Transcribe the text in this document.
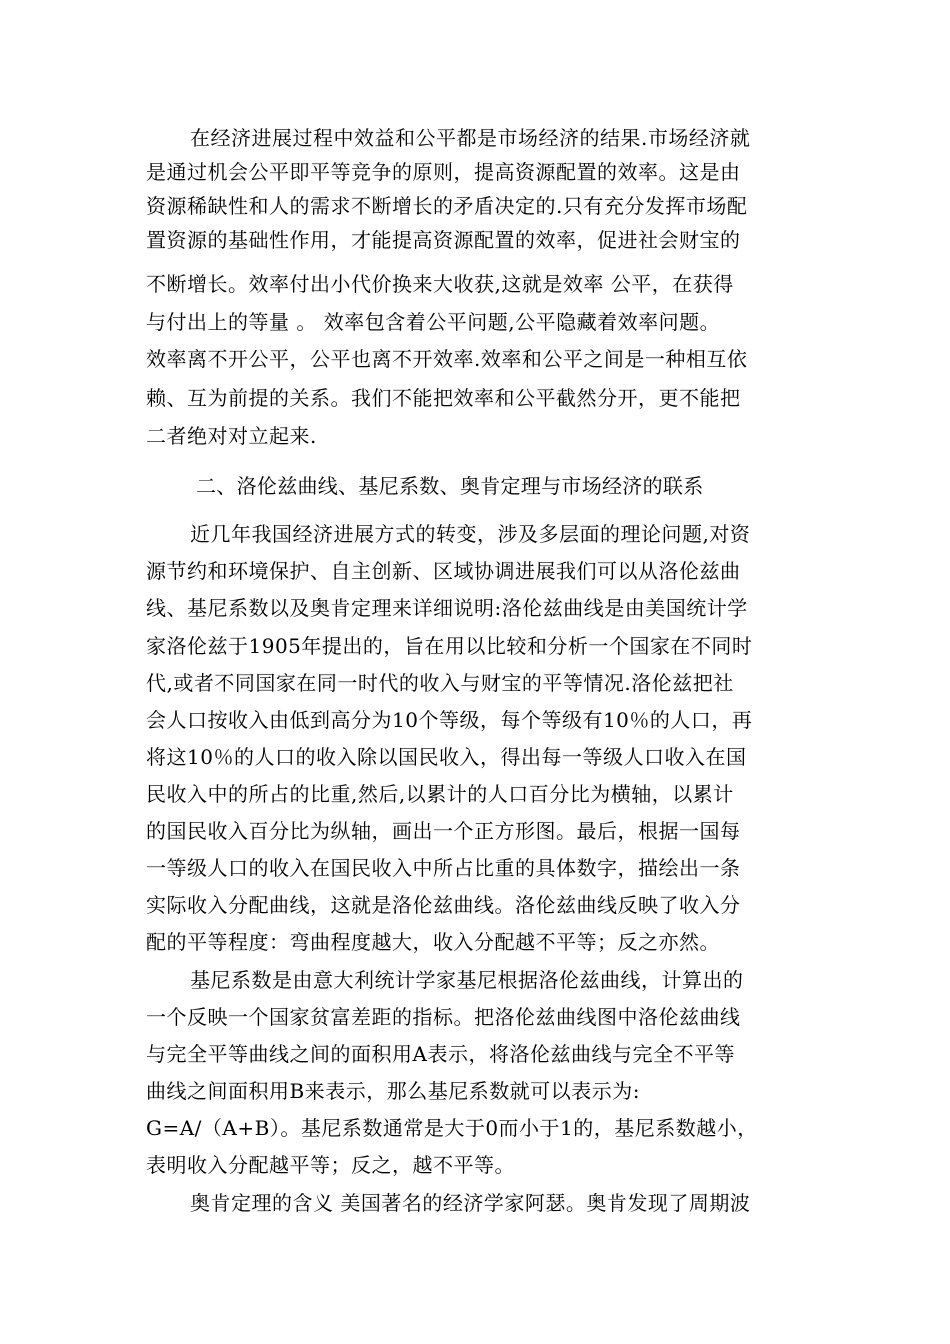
在经济进展过程中效益和公平都是市场经济的结果.市场经济就
是通过机会公平即平等竞争的原则，提高资源配置的效率。这是由
资源稀缺性和人的需求不断增长的矛盾决定的.只有充分发挥市场配
置资源的基础性作用，才能提高资源配置的效率，促进社会财宝的
不断增长。效率付出小代价换来大收获,这就是效率 公平，在获得
与付出上的等量 。 效率包含着公平问题,公平隐藏着效率问题。
效率离不开公平，公平也离不开效率.效率和公平之间是一种相互依
赖、互为前提的关系。我们不能把效率和公平截然分开，更不能把
二者绝对对立起来.
二、洛伦兹曲线、基尼系数、奥肯定理与市场经济的联系
近几年我国经济进展方式的转变，涉及多层面的理论问题,对资
源节约和环境保护、自主创新、区域协调进展我们可以从洛伦兹曲
线、基尼系数以及奥肯定理来详细说明:洛伦兹曲线是由美国统计学
家洛伦兹于1905年提出的，旨在用以比较和分析一个国家在不同时
代,或者不同国家在同一时代的收入与财宝的平等情况.洛伦兹把社
会人口按收入由低到高分为10个等级，每个等级有10％的人口，再
将这10％的人口的收入除以国民收入，得出每一等级人口收入在国
民收入中的所占的比重,然后,以累计的人口百分比为横轴，以累计
的国民收入百分比为纵轴，画出一个正方形图。最后，根据一国每
一等级人口的收入在国民收入中所占比重的具体数字，描绘出一条
实际收入分配曲线，这就是洛伦兹曲线。洛伦兹曲线反映了收入分
配的平等程度：弯曲程度越大，收入分配越不平等；反之亦然。
基尼系数是由意大利统计学家基尼根据洛伦兹曲线，计算出的
一个反映一个国家贫富差距的指标。把洛伦兹曲线图中洛伦兹曲线
与完全平等曲线之间的面积用A表示，将洛伦兹曲线与完全不平等
曲线之间面积用B来表示，那么基尼系数就可以表示为:
G=A/（A+B）。基尼系数通常是大于0而小于1的，基尼系数越小，
表明收入分配越平等；反之，越不平等。
奥肯定理的含义 美国著名的经济学家阿瑟。奥肯发现了周期波
